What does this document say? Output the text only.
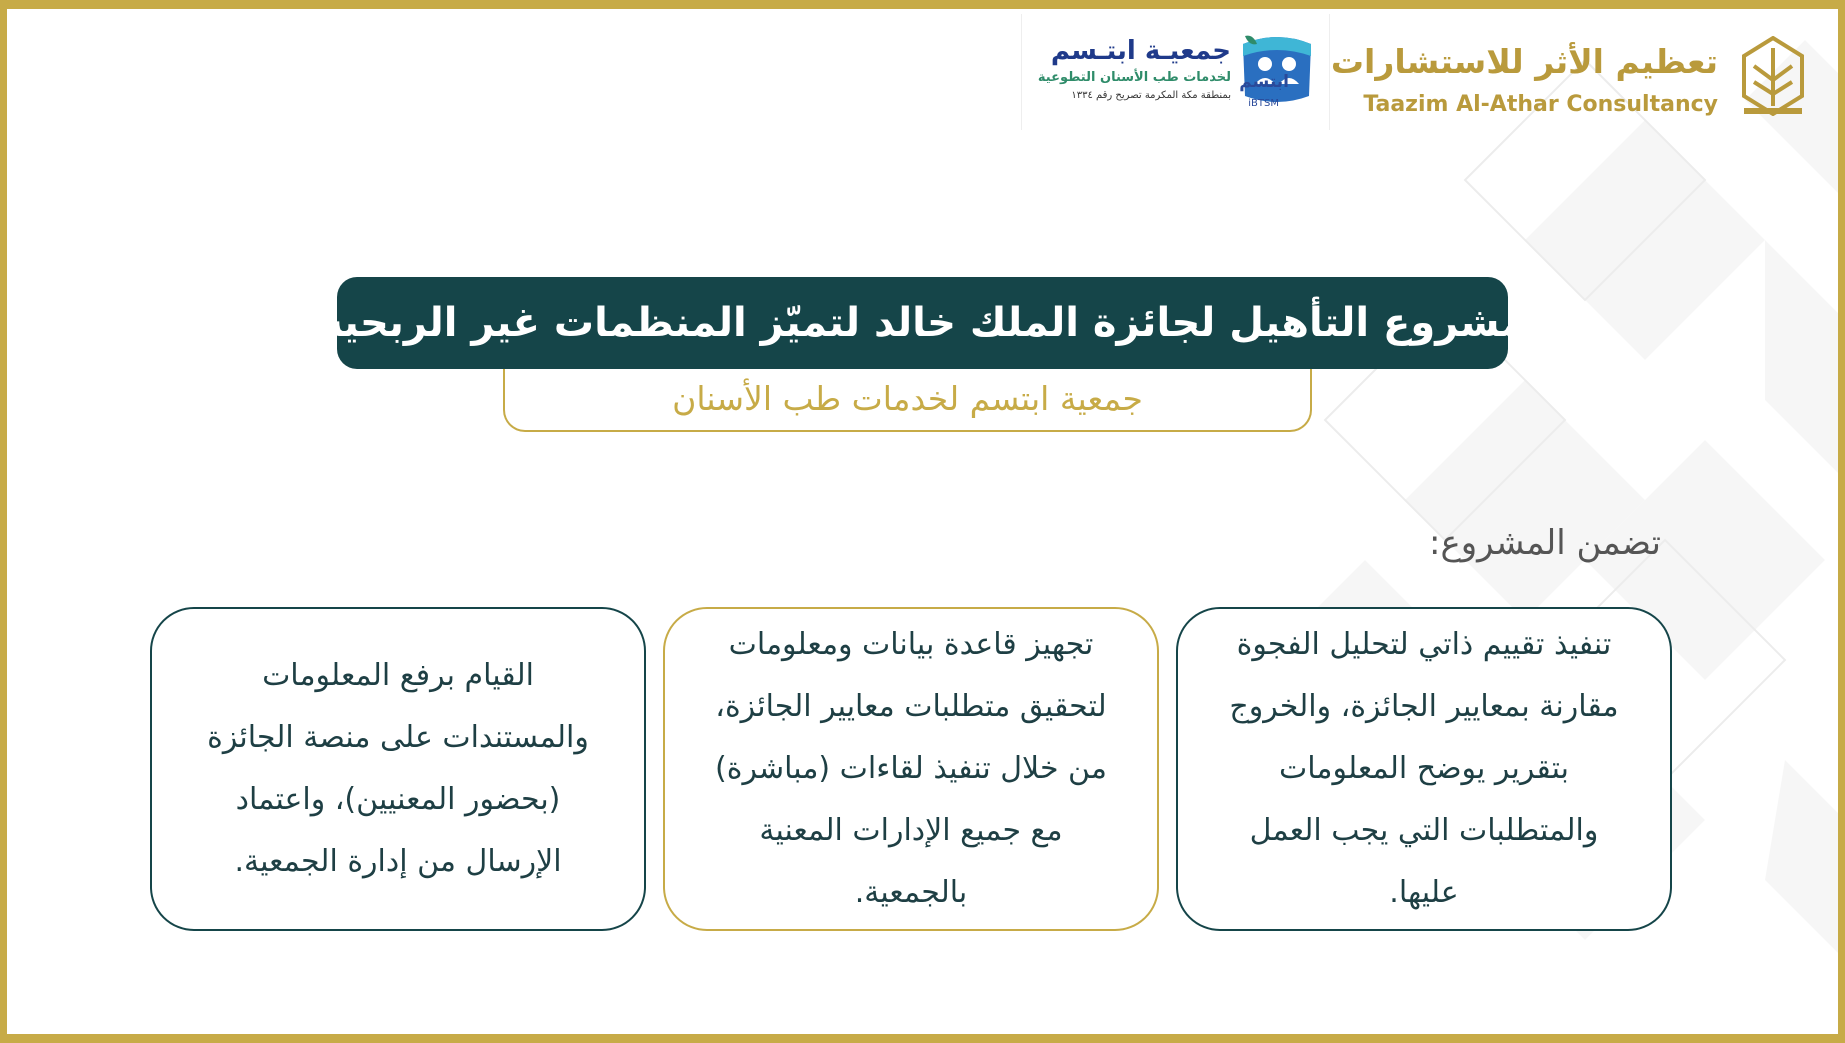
تعظيم الأثر للاستشارات
Taazim Al-Athar Consultancy
ابتسم
iBTSM
جمعيـة ابتـسم
لخدمات طب الأسنان التطوعية
بمنطقة مكة المكرمة تصريح رقم ١٣٣٤
مشروع التأهيل لجائزة الملك خالد لتميّز المنظمات غير الربحية
جمعية ابتسم لخدمات طب الأسنان
تضمن المشروع:
تنفيذ تقييم ذاتي لتحليل الفجوة
مقارنة بمعايير الجائزة، والخروج
بتقرير يوضح المعلومات
والمتطلبات التي يجب العمل
عليها.
تجهيز قاعدة بيانات ومعلومات
لتحقيق متطلبات معايير الجائزة،
من خلال تنفيذ لقاءات (مباشرة)
مع جميع الإدارات المعنية
بالجمعية.
القيام برفع المعلومات
والمستندات على منصة الجائزة
(بحضور المعنيين)، واعتماد
الإرسال من إدارة الجمعية.
